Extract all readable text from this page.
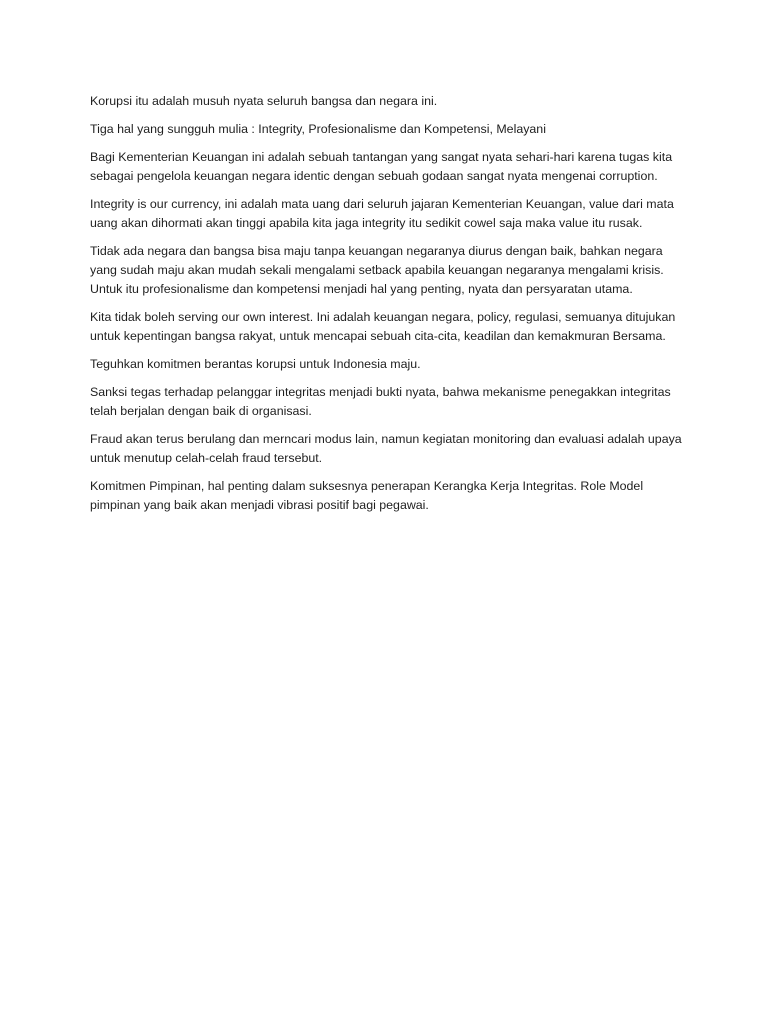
Korupsi itu adalah musuh nyata seluruh bangsa dan negara ini.

Tiga hal yang sungguh mulia : Integrity, Profesionalisme dan Kompetensi, Melayani

Bagi Kementerian Keuangan ini adalah sebuah tantangan yang sangat nyata sehari-hari karena tugas kita sebagai pengelola keuangan negara identic dengan sebuah godaan sangat nyata mengenai corruption.

Integrity is our currency, ini adalah mata uang dari seluruh jajaran Kementerian Keuangan, value dari mata uang akan dihormati akan tinggi apabila kita jaga integrity itu sedikit cowel saja maka value itu rusak.

Tidak ada negara dan bangsa bisa maju tanpa keuangan negaranya diurus dengan baik, bahkan negara yang sudah maju akan mudah sekali mengalami setback apabila keuangan negaranya mengalami krisis. Untuk itu profesionalisme dan kompetensi menjadi hal yang penting, nyata dan persyaratan utama.

Kita tidak boleh serving our own interest. Ini adalah keuangan negara, policy, regulasi, semuanya ditujukan untuk kepentingan bangsa rakyat, untuk mencapai sebuah cita-cita, keadilan dan kemakmuran Bersama.

Teguhkan komitmen berantas korupsi untuk Indonesia maju.

Sanksi tegas terhadap pelanggar integritas menjadi bukti nyata, bahwa mekanisme penegakkan integritas telah berjalan dengan baik di organisasi.

Fraud akan terus berulang dan merncari modus lain, namun kegiatan monitoring dan evaluasi adalah upaya untuk menutup celah-celah fraud tersebut.

Komitmen Pimpinan, hal penting dalam suksesnya penerapan Kerangka Kerja Integritas. Role Model pimpinan yang baik akan menjadi vibrasi positif bagi pegawai.
